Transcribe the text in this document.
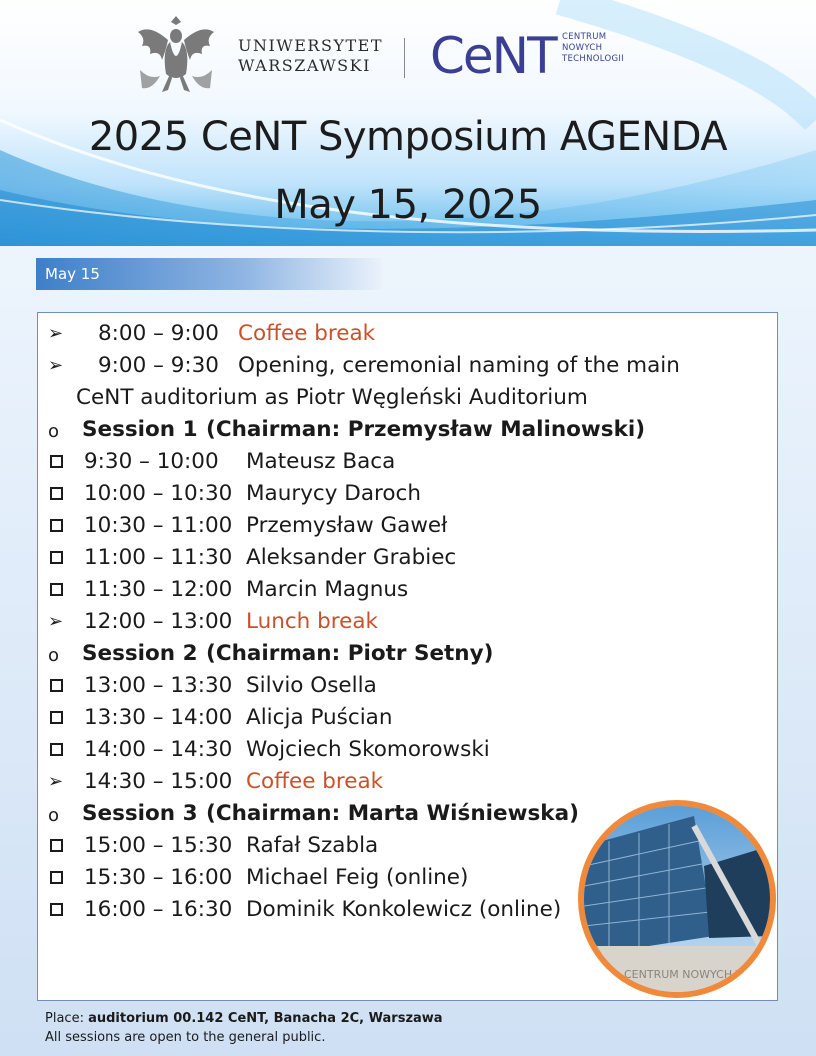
UNIWERSYTET
WARSZAWSKI CeNT CENTRUM
NOWYCH
TECHNOLOGII
2025 CeNT Symposium AGENDA
May 15, 2025
May 15
➢	8:00 – 9:00 Coffee break
➢	9:00 – 9:30 Opening, ceremonial naming of the main
CeNT auditorium as Piotr Węgleński Auditorium
o	Session 1 (Chairman: Przemysław Malinowski)
9:30 – 10:00 Mateusz Baca
10:00 – 10:30 Maurycy Daroch
10:30 – 11:00 Przemysław Gaweł
11:00 – 11:30 Aleksander Grabiec
11:30 – 12:00 Marcin Magnus
➢ 12:00 – 13:00 Lunch break
o	Session 2 (Chairman: Piotr Setny)
13:00 – 13:30 Silvio Osella
13:30 – 14:00 Alicja Puścian
14:00 – 14:30 Wojciech Skomorowski
➢ 14:30 – 15:00 Coffee break
o	Session 3 (Chairman: Marta Wiśniewska)
15:00 – 15:30 Rafał Szabla
15:30 – 16:00 Michael Feig (online)
16:00 – 16:30 Dominik Konkolewicz (online)
CENTRUM NOWYCH T
Place: auditorium 00.142 CeNT, Banacha 2C, Warszawa
All sessions are open to the general public.
